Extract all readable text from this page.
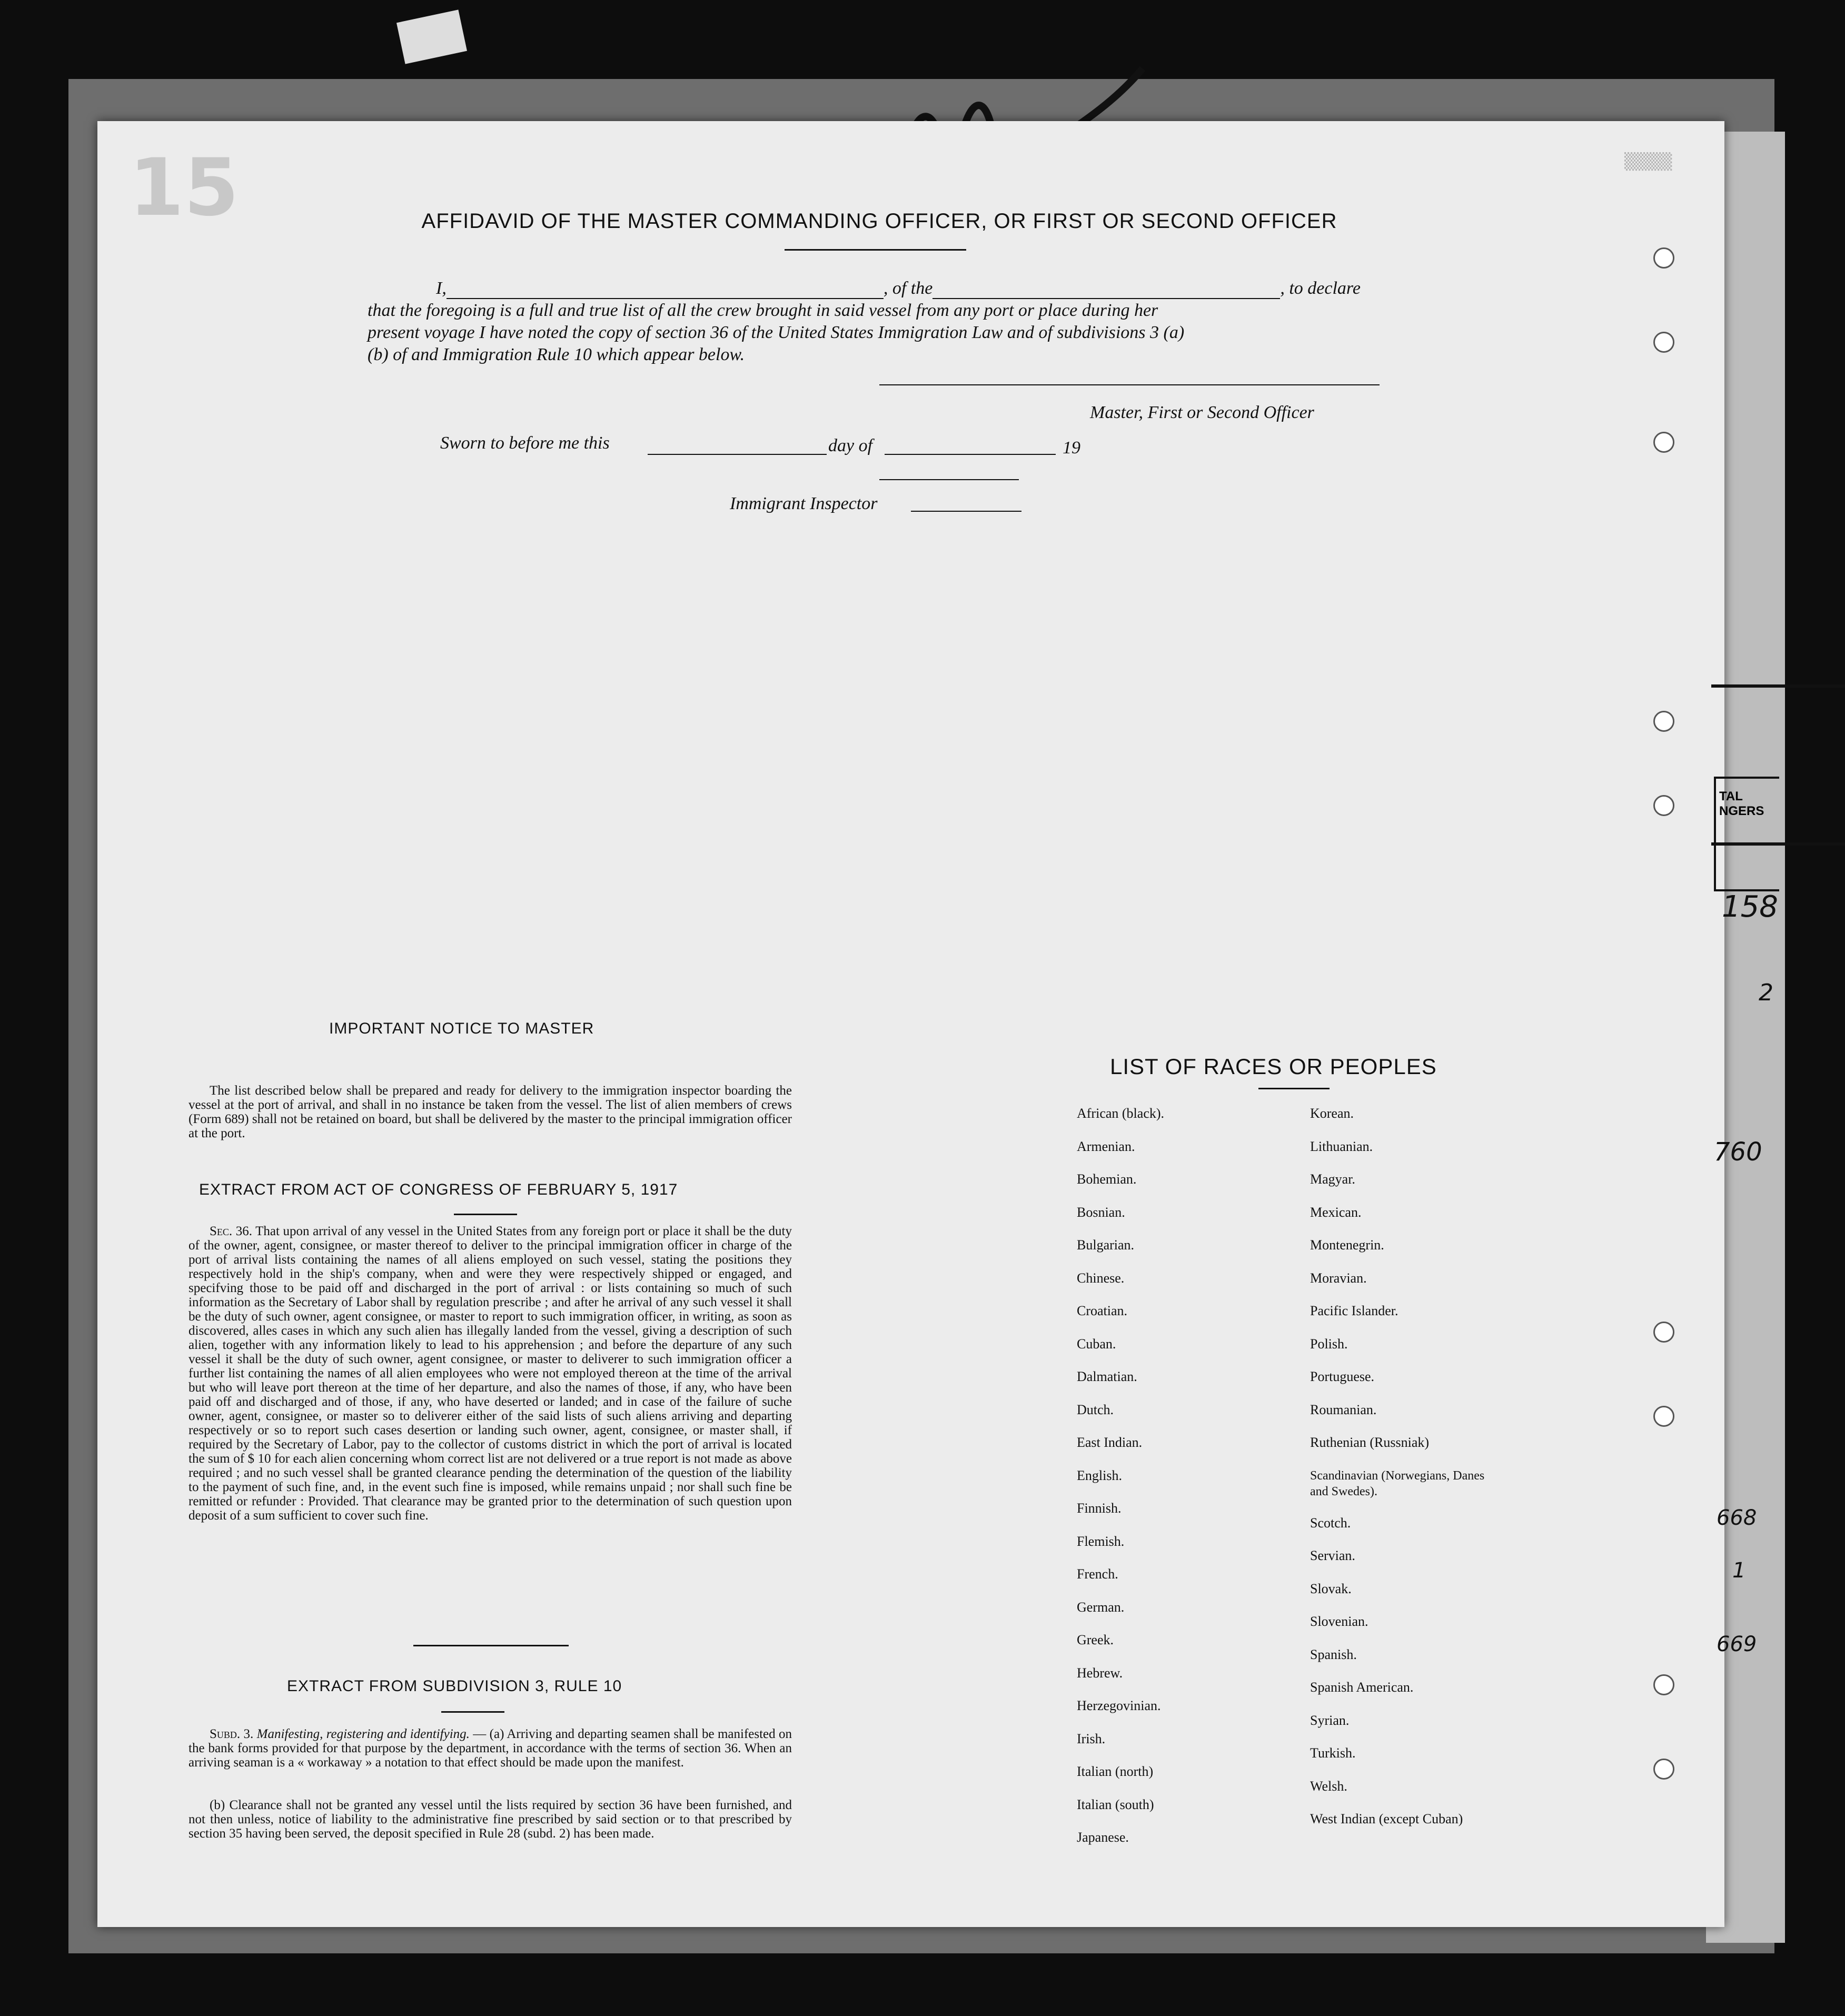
15	▒▒▒▒▒
AFFIDAVID OF THE MASTER COMMANDING OFFICER, OR FIRST OR SECOND OFFICER
I,	, of the	, to declare
that the foregoing is a full and true list of all the crew brought in said vessel from any port or place during her
present voyage I have noted the copy of section 36 of the United States Immigration Law and of subdivisions 3 (a)
(b) of and Immigration Rule 10 which appear below.
Master, First or Second Officer
Sworn to before me this	day of	19
Immigrant Inspector
IMPORTANT NOTICE TO MASTER
The list described below shall be prepared and ready for delivery to the immigration inspector boarding the vessel at the port of arrival, and shall in no instance be taken from the vessel. The list of alien members of crews (Form 689) shall not be retained on board, but shall be delivered by the master to the principal immigration officer at the port.
EXTRACT FROM ACT OF CONGRESS OF FEBRUARY 5, 1917
Sec. 36. That upon arrival of any vessel in the United States from any foreign port or place it shall be the duty of the owner, agent, consignee, or master thereof to deliver to the principal immigration officer in charge of the port of arrival lists containing the names of all aliens employed on such vessel, stating the positions they respectively hold in the ship's company, when and were they were respectively shipped or engaged, and specifving those to be paid off and discharged in the port of arrival : or lists containing so much of such information as the Secretary of Labor shall by regulation prescribe ; and after he arrival of any such vessel it shall be the duty of such owner, agent consignee, or master to report to such immigration officer, in writing, as soon as discovered, alles cases in which any such alien has illegally landed from the vessel, giving a description of such alien, together with any information likely to lead to his apprehension ; and before the departure of any such vessel it shall be the duty of such owner, agent consignee, or master to deliverer to such immigration officer a further list containing the names of all alien employees who were not employed thereon at the time of the arrival but who will leave port thereon at the time of her departure, and also the names of those, if any, who have been paid off and discharged and of those, if any, who have deserted or landed; and in case of the failure of suche owner, agent, consignee, or master so to deliverer either of the said lists of such aliens arriving and departing respectively or so to report such cases desertion or landing such owner, agent, consignee, or master shall, if required by the Secretary of Labor, pay to the collector of customs district in which the port of arrival is located the sum of $ 10 for each alien concerning whom correct list are not delivered or a true report is not made as above required ; and no such vessel shall be granted clearance pending the determination of the question of the liability to the payment of such fine, and, in the event such fine is imposed, while remains unpaid ; nor shall such fine be remitted or refunder : Provided. That clearance may be granted prior to the determination of such question upon deposit of a sum sufficient to cover such fine.
EXTRACT FROM SUBDIVISION 3, RULE 10
Subd. 3. Manifesting, registering and identifying. — (a) Arriving and departing seamen shall be manifested on the bank forms provided for that purpose by the department, in accordance with the terms of section 36. When an arriving seaman is a « workaway » a notation to that effect should be made upon the manifest.
(b) Clearance shall not be granted any vessel until the lists required by section 36 have been furnished, and not then unless, notice of liability to the administrative fine prescribed by said section or to that prescribed by section 35 having been served, the deposit specified in Rule 28 (subd. 2) has been made.
LIST OF RACES OR PEOPLES
African (black).
Armenian.
Bohemian.
Bosnian.
Bulgarian.
Chinese.
Croatian.
Cuban.
Dalmatian.
Dutch.
East Indian.
English.
Finnish.
Flemish.
French.
German.
Greek.
Hebrew.
Herzegovinian.
Irish.
Italian (north)
Italian (south)
Japanese.
Korean.
Lithuanian.
Magyar.
Mexican.
Montenegrin.
Moravian.
Pacific Islander.
Polish.
Portuguese.
Roumanian.
Ruthenian (Russniak)
Scandinavian (Norwegians, Danes and Swedes).
Scotch.
Servian.
Slovak.
Slovenian.
Spanish.
Spanish American.
Syrian.
Turkish.
Welsh.
West Indian (except Cuban)
TAL
NGERS
158
2
760
668
1
669
